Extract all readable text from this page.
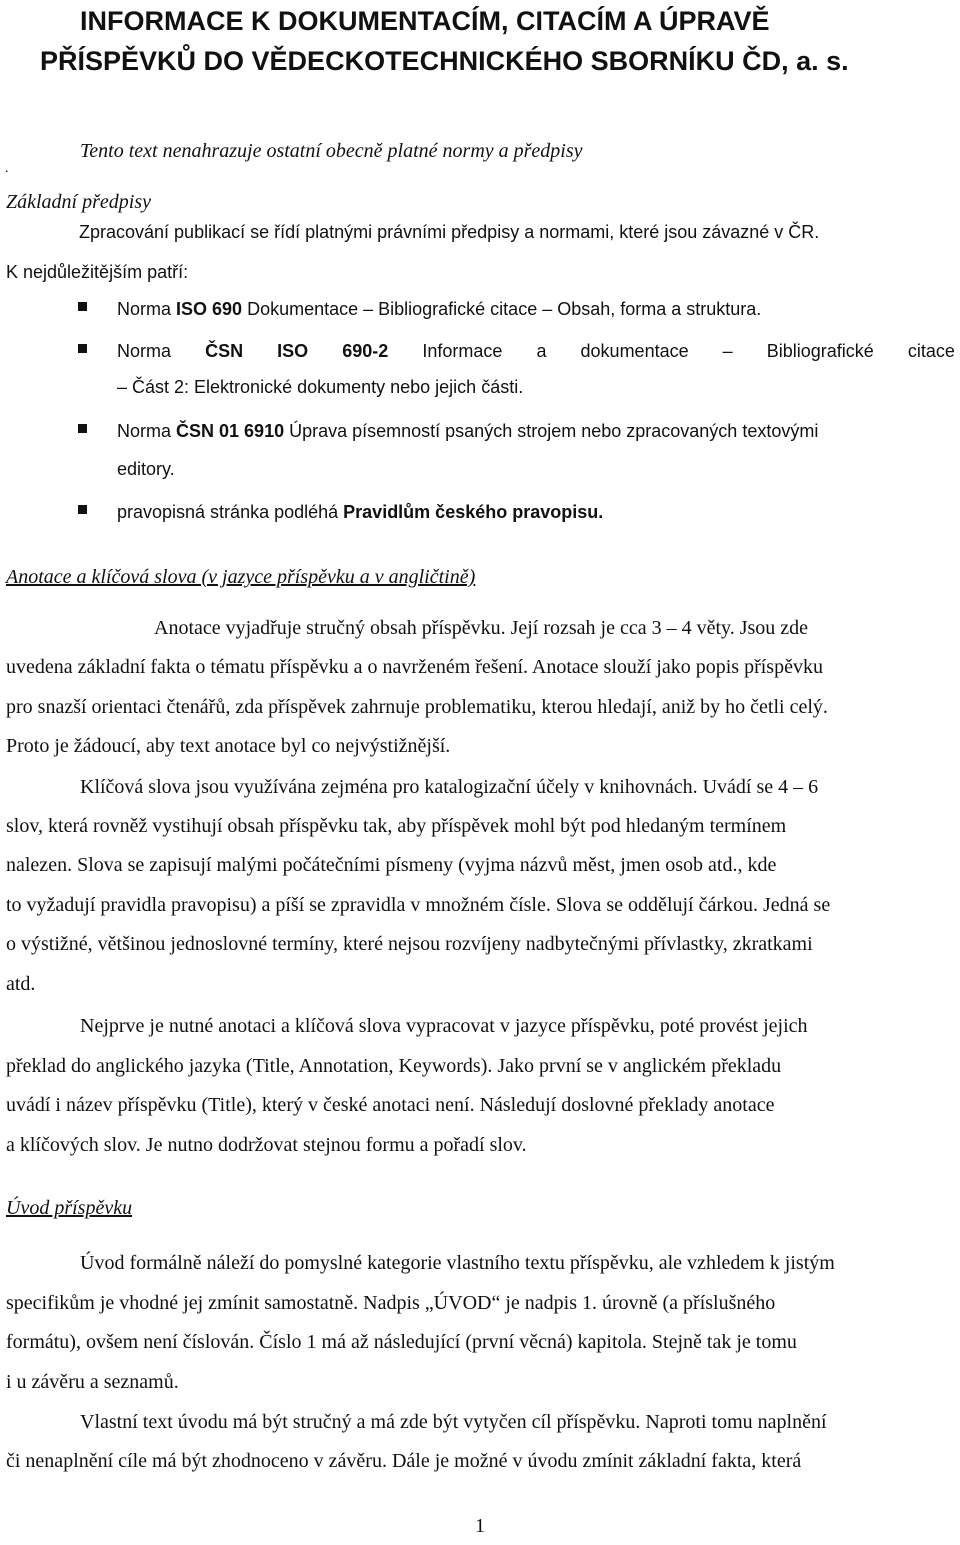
INFORMACE K DOKUMENTACÍM, CITACÍM A ÚPRAVĚ
PŘÍSPĚVKŮ DO VĚDECKOTECHNICKÉHO SBORNÍKU ČD, a. s.
Tento text nenahrazuje ostatní obecně platné normy a předpisy
.
Základní předpisy
Zpracování publikací se řídí platnými právními předpisy a normami, které jsou závazné v ČR.
K nejdůležitějším patří:
Norma ISO 690 Dokumentace – Bibliografické citace – Obsah, forma a struktura.
Norma ČSN ISO 690-2 Informace a dokumentace – Bibliografické citace
– Část 2: Elektronické dokumenty nebo jejich části.
Norma ČSN 01 6910 Úprava písemností psaných strojem nebo zpracovaných textovými
editory.
pravopisná stránka podléhá Pravidlům českého pravopisu.
Anotace a klíčová slova (v jazyce příspěvku a v angličtině)
Anotace vyjadřuje stručný obsah příspěvku. Její rozsah je cca 3 – 4 věty. Jsou zde
uvedena základní fakta o tématu příspěvku a o navrženém řešení. Anotace slouží jako popis příspěvku
pro snazší orientaci čtenářů, zda příspěvek zahrnuje problematiku, kterou hledají, aniž by ho četli celý.
Proto je žádoucí, aby text anotace byl co nejvýstižnější.
Klíčová slova jsou využívána zejména pro katalogizační účely v knihovnách. Uvádí se 4 – 6
slov, která rovněž vystihují obsah příspěvku tak, aby příspěvek mohl být pod hledaným termínem
nalezen. Slova se zapisují malými počátečními písmeny (vyjma názvů měst, jmen osob atd., kde
to vyžadují pravidla pravopisu) a píší se zpravidla v množném čísle. Slova se oddělují čárkou. Jedná se
o výstižné, většinou jednoslovné termíny, které nejsou rozvíjeny nadbytečnými přívlastky, zkratkami
atd.
Nejprve je nutné anotaci a klíčová slova vypracovat v jazyce příspěvku, poté provést jejich
překlad do anglického jazyka (Title, Annotation, Keywords). Jako první se v anglickém překladu
uvádí i název příspěvku (Title), který v české anotaci není. Následují doslovné překlady anotace
a klíčových slov. Je nutno dodržovat stejnou formu a pořadí slov.
Úvod příspěvku
Úvod formálně náleží do pomyslné kategorie vlastního textu příspěvku, ale vzhledem k jistým
specifikům je vhodné jej zmínit samostatně. Nadpis „ÚVOD“ je nadpis 1. úrovně (a příslušného
formátu), ovšem není číslován. Číslo 1 má až následující (první věcná) kapitola. Stejně tak je tomu
i u závěru a seznamů.
Vlastní text úvodu má být stručný a má zde být vytyčen cíl příspěvku. Naproti tomu naplnění
či nenaplnění cíle má být zhodnoceno v závěru. Dále je možné v úvodu zmínit základní fakta, která
1
